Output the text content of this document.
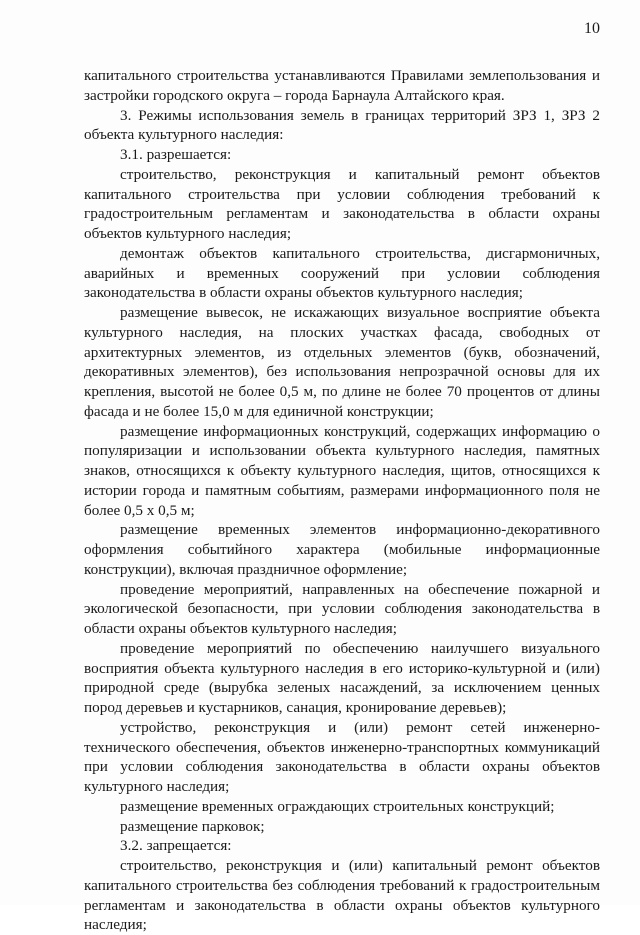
10

капитального строительства устанавливаются Правилами землепользования и застройки городского округа – города Барнаула Алтайского края.

3. Режимы использования земель в границах территорий ЗРЗ 1, ЗРЗ 2 объекта культурного наследия:

3.1. разрешается:

строительство, реконструкция и капитальный ремонт объектов капитального строительства при условии соблюдения требований к градостроительным регламентам и законодательства в области охраны объектов культурного наследия;

демонтаж объектов капитального строительства, дисгармоничных, аварийных и временных сооружений при условии соблюдения законодательства в области охраны объектов культурного наследия;

размещение вывесок, не искажающих визуальное восприятие объекта культурного наследия, на плоских участках фасада, свободных от архитектурных элементов, из отдельных элементов (букв, обозначений, декоративных элементов), без использования непрозрачной основы для их крепления, высотой не более 0,5 м, по длине не более 70 процентов от длины фасада и не более 15,0 м для единичной конструкции;

размещение информационных конструкций, содержащих информацию о популяризации и использовании объекта культурного наследия, памятных знаков, относящихся к объекту культурного наследия, щитов, относящихся к истории города и памятным событиям, размерами информационного поля не более 0,5 х 0,5 м;

размещение временных элементов информационно-декоративного оформления событийного характера (мобильные информационные конструкции), включая праздничное оформление;

проведение мероприятий, направленных на обеспечение пожарной и экологической безопасности, при условии соблюдения законодательства в области охраны объектов культурного наследия;

проведение мероприятий по обеспечению наилучшего визуального восприятия объекта культурного наследия в его историко-культурной и (или) природной среде (вырубка зеленых насаждений, за исключением ценных пород деревьев и кустарников, санация, кронирование деревьев);

устройство, реконструкция и (или) ремонт сетей инженерно-технического обеспечения, объектов инженерно-транспортных коммуникаций при условии соблюдения законодательства в области охраны объектов культурного наследия;

размещение временных ограждающих строительных конструкций;

размещение парковок;

3.2. запрещается:

строительство, реконструкция и (или) капитальный ремонт объектов капитального строительства без соблюдения требований к градостроительным регламентам и законодательства в области охраны объектов культурного наследия;
